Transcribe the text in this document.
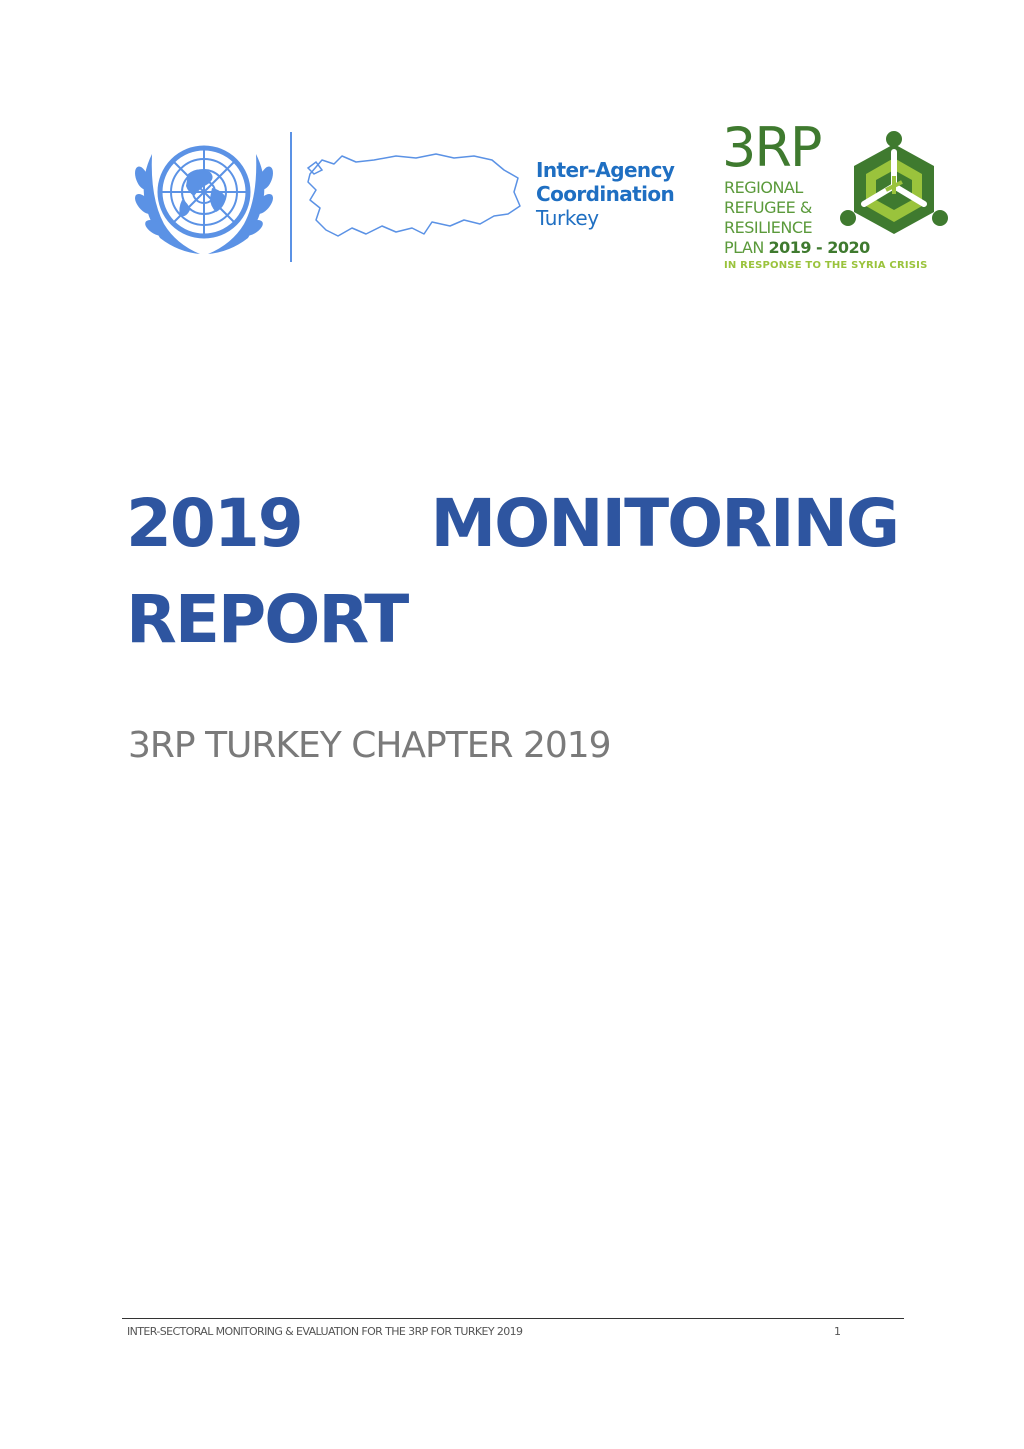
Inter-Agency
Coordination
Turkey
3RP
REGIONAL
REFUGEE &
RESILIENCE
PLAN 2019 - 2020
IN RESPONSE TO THE SYRIA CRISIS
2019 MONITORING
REPORT
3RP TURKEY CHAPTER 2019
INTER-SECTORAL MONITORING & EVALUATION FOR THE 3RP FOR TURKEY 2019	1
